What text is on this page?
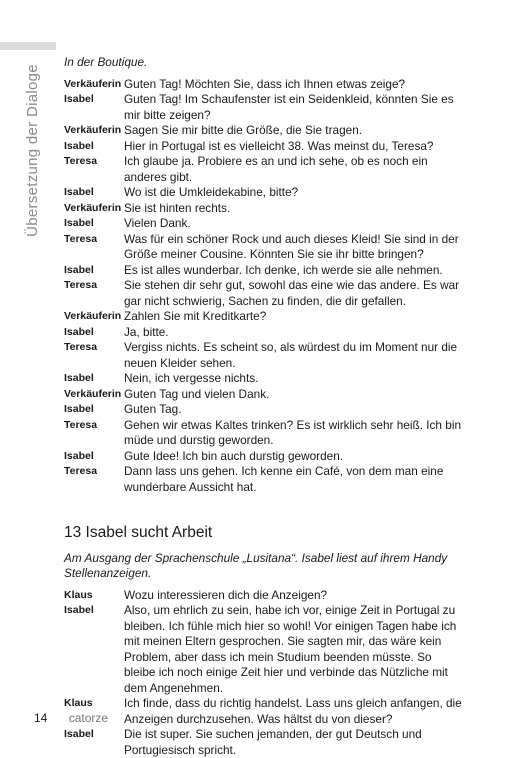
Übersetzung der Dialoge

In der Boutique.

Verkäuferin Guten Tag! Möchten Sie, dass ich Ihnen etwas zeige?
Isabel	Guten Tag! Im Schaufenster ist ein Seidenkleid, könnten Sie es mir bitte zeigen?
Verkäuferin Sagen Sie mir bitte die Größe, die Sie tragen.
Isabel	Hier in Portugal ist es vielleicht 38. Was meinst du, Teresa?
Teresa	Ich glaube ja. Probiere es an und ich sehe, ob es noch ein anderes gibt.
Isabel	Wo ist die Umkleidekabine, bitte?
Verkäuferin Sie ist hinten rechts.
Isabel	Vielen Dank.
Teresa	Was für ein schöner Rock und auch dieses Kleid! Sie sind in der Größe meiner Cousine. Könnten Sie sie ihr bitte bringen?
Isabel	Es ist alles wunderbar. Ich denke, ich werde sie alle nehmen.
Teresa	Sie stehen dir sehr gut, sowohl das eine wie das andere. Es war gar nicht schwierig, Sachen zu finden, die dir gefallen.
Verkäuferin Zahlen Sie mit Kreditkarte?
Isabel	Ja, bitte.
Teresa	Vergiss nichts. Es scheint so, als würdest du im Moment nur die neuen Kleider sehen.
Isabel	Nein, ich vergesse nichts.
Verkäuferin Guten Tag und vielen Dank.
Isabel	Guten Tag.
Teresa	Gehen wir etwas Kaltes trinken? Es ist wirklich sehr heiß. Ich bin müde und durstig geworden.
Isabel	Gute Idee! Ich bin auch durstig geworden.
Teresa	Dann lass uns gehen. Ich kenne ein Café, von dem man eine wunderbare Aussicht hat.
13 Isabel sucht Arbeit

Am Ausgang der Sprachenschule „Lusitana“. Isabel liest auf ihrem Handy Stellenanzeigen.

Klaus	Wozu interessieren dich die Anzeigen?
Isabel	Also, um ehrlich zu sein, habe ich vor, einige Zeit in Portugal zu bleiben. Ich fühle mich hier so wohl! Vor einigen Tagen habe ich mit meinen Eltern gesprochen. Sie sagten mir, das wäre kein Problem, aber dass ich mein Studium beenden müsste. So bleibe ich noch einige Zeit hier und verbinde das Nützliche mit dem Angenehmen.
Klaus	Ich finde, dass du richtig handelst. Lass uns gleich anfangen, die Anzeigen durchzusehen. Was hältst du von dieser?
Isabel	Die ist super. Sie suchen jemanden, der gut Deutsch und Portugiesisch spricht.
14 catorze
